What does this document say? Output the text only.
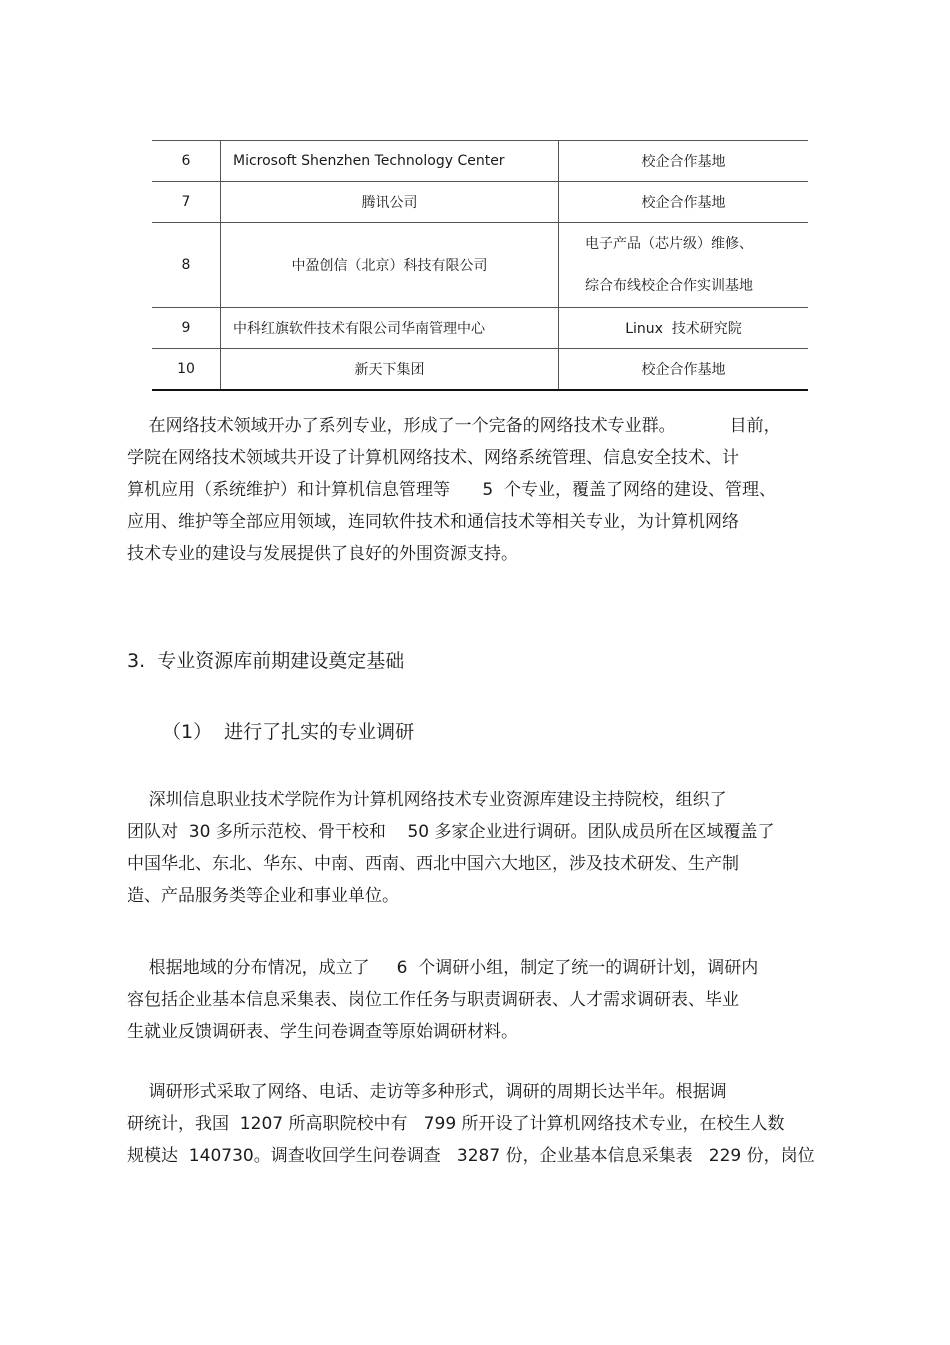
6	Microsoft Shenzhen Technology Center	校企合作基地
7	腾讯公司	校企合作基地
8	中盈创信（北京）科技有限公司	电子产品（芯片级）维修、
综合布线校企合作实训基地

9	中科红旗软件技术有限公司华南管理中心	Linux  技术研究院
10	新天下集团	校企合作基地

在网络技术领域开办了系列专业，形成了一个完备的网络技术专业群。          目前，
学院在网络技术领域共开设了计算机网络技术、网络系统管理、信息安全技术、计
算机应用（系统维护）和计算机信息管理等      5  个专业，覆盖了网络的建设、管理、
应用、维护等全部应用领域，连同软件技术和通信技术等相关专业，为计算机网络
技术专业的建设与发展提供了良好的外围资源支持。

3.  专业资源库前期建设奠定基础
（1）  进行了扎实的专业调研

深圳信息职业技术学院作为计算机网络技术专业资源库建设主持院校，组织了
团队对  30 多所示范校、骨干校和    50 多家企业进行调研。团队成员所在区域覆盖了
中国华北、东北、华东、中南、西南、西北中国六大地区，涉及技术研发、生产制
造、产品服务类等企业和事业单位。

根据地域的分布情况，成立了     6  个调研小组，制定了统一的调研计划，调研内
容包括企业基本信息采集表、岗位工作任务与职责调研表、人才需求调研表、毕业
生就业反馈调研表、学生问卷调查等原始调研材料。

调研形式采取了网络、电话、走访等多种形式，调研的周期长达半年。根据调
研统计，我国  1207 所高职院校中有   799 所开设了计算机网络技术专业，在校生人数
规模达  140730。调查收回学生问卷调查   3287 份，企业基本信息采集表   229 份，岗位
